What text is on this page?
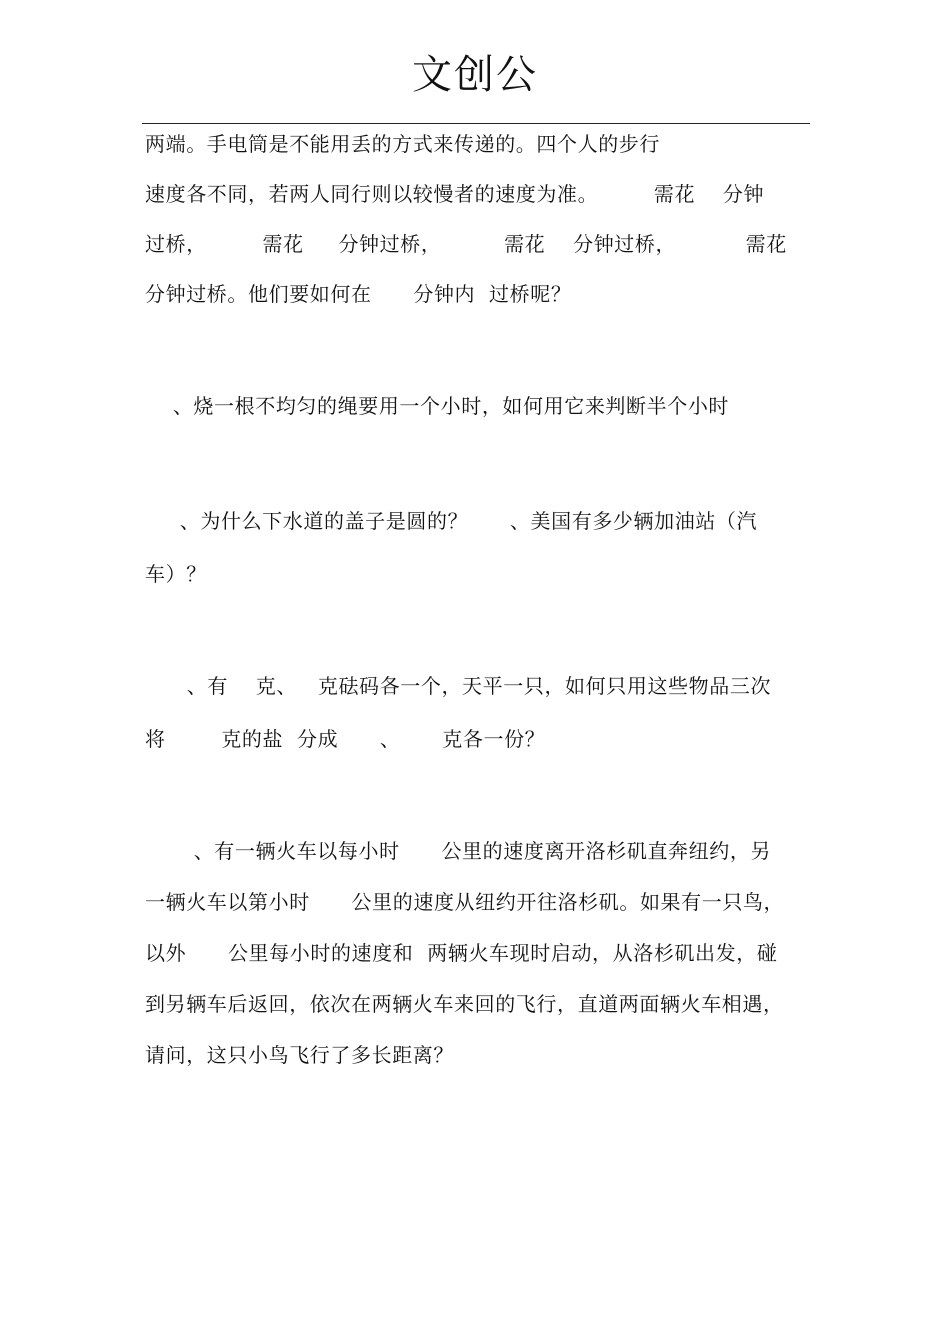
文创公
两端。手电筒是不能用丢的方式来传递的。四个人的步行
速度各不同，若两人同行则以较慢者的速度为准。        需花    分钟
过桥，        需花     分钟过桥，         需花    分钟过桥，          需花
分钟过桥。他们要如何在      分钟内  过桥呢？
、烧一根不均匀的绳要用一个小时，如何用它来判断半个小时
、为什么下水道的盖子是圆的？      、美国有多少辆加油站（汽
车）？
、有    克、   克砝码各一个，天平一只，如何只用这些物品三次
将        克的盐  分成      、      克各一份？
、有一辆火车以每小时      公里的速度离开洛杉矶直奔纽约，另
一辆火车以第小时      公里的速度从纽约开往洛杉矶。如果有一只鸟，
以外      公里每小时的速度和  两辆火车现时启动，从洛杉矶出发，碰
到另辆车后返回，依次在两辆火车来回的飞行，直道两面辆火车相遇，
请问，这只小鸟飞行了多长距离？
